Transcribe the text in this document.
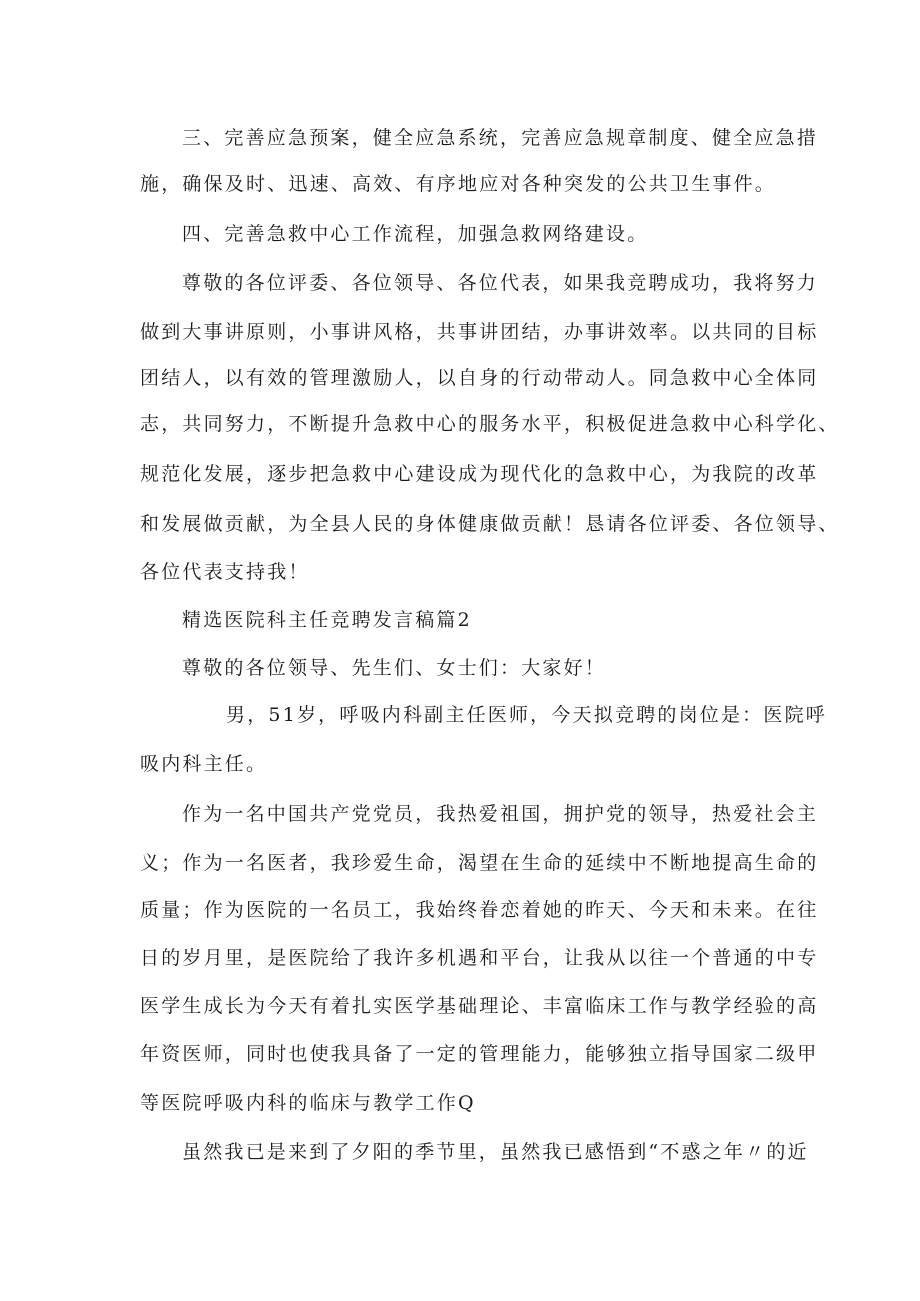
三、完善应急预案，健全应急系统，完善应急规章制度、健全应急措
施，确保及时、迅速、高效、有序地应对各种突发的公共卫生事件。
四、完善急救中心工作流程，加强急救网络建设。
尊敬的各位评委、各位领导、各位代表，如果我竞聘成功，我将努力
做到大事讲原则，小事讲风格，共事讲团结，办事讲效率。以共同的目标
团结人，以有效的管理激励人，以自身的行动带动人。同急救中心全体同
志，共同努力，不断提升急救中心的服务水平，积极促进急救中心科学化、
规范化发展，逐步把急救中心建设成为现代化的急救中心，为我院的改革
和发展做贡献，为全县人民的身体健康做贡献！恳请各位评委、各位领导、
各位代表支持我！
精选医院科主任竞聘发言稿篇2
尊敬的各位领导、先生们、女士们：大家好！
男，51岁，呼吸内科副主任医师，今天拟竞聘的岗位是：医院呼
吸内科主任。
作为一名中国共产党党员，我热爱祖国，拥护党的领导，热爱社会主
义；作为一名医者，我珍爱生命，渴望在生命的延续中不断地提高生命的
质量；作为医院的一名员工，我始终眷恋着她的昨天、今天和未来。在往
日的岁月里，是医院给了我许多机遇和平台，让我从以往一个普通的中专
医学生成长为今天有着扎实医学基础理论、丰富临床工作与教学经验的高
年资医师，同时也使我具备了一定的管理能力，能够独立指导国家二级甲
等医院呼吸内科的临床与教学工作Q
虽然我已是来到了夕阳的季节里，虽然我已感悟到“不惑之年〃的近
